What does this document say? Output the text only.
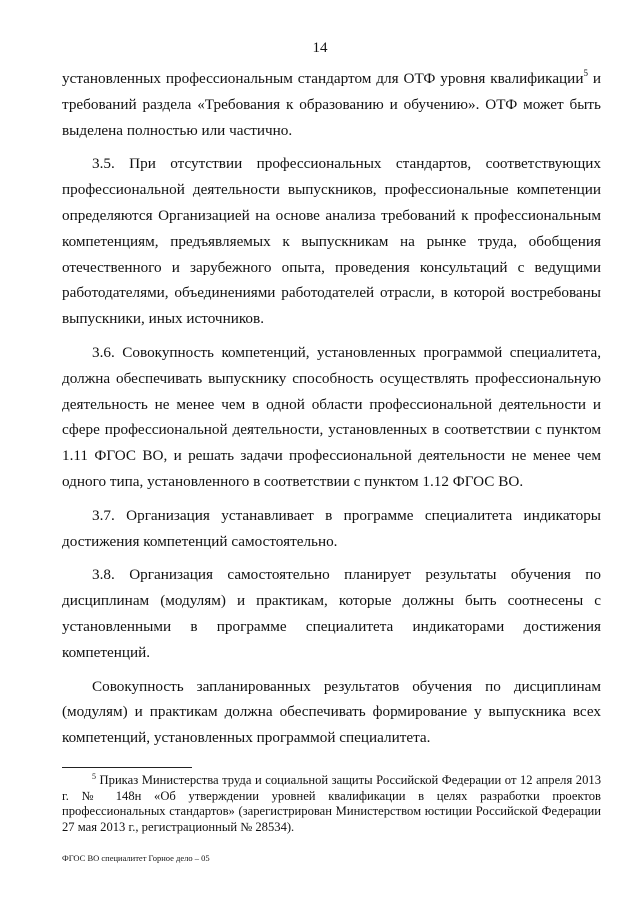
14

установленных профессиональным стандартом для ОТФ уровня квалификации$^5$ и требований раздела «Требования к образованию и обучению». ОТФ может быть выделена полностью или частично.

3.5. При отсутствии профессиональных стандартов, соответствующих профессиональной деятельности выпускников, профессиональные компетенции определяются Организацией на основе анализа требований к профессиональным компетенциям, предъявляемых к выпускникам на рынке труда, обобщения отечественного и зарубежного опыта, проведения консультаций с ведущими работодателями, объединениями работодателей отрасли, в которой востребованы выпускники, иных источников.

3.6. Совокупность компетенций, установленных программой специалитета, должна обеспечивать выпускнику способность осуществлять профессиональную деятельность не менее чем в одной области профессиональной деятельности и сфере профессиональной деятельности, установленных в соответствии с пунктом 1.11 ФГОС ВО, и решать задачи профессиональной деятельности не менее чем одного типа, установленного в соответствии с пунктом 1.12 ФГОС ВО.

3.7. Организация устанавливает в программе специалитета индикаторы достижения компетенций самостоятельно.

3.8. Организация самостоятельно планирует результаты обучения по дисциплинам (модулям) и практикам, которые должны быть соотнесены с установленными в программе специалитета индикаторами достижения компетенций.

Совокупность запланированных результатов обучения по дисциплинам (модулям) и практикам должна обеспечивать формирование у выпускника всех компетенций, установленных программой специалитета.

$^5$ Приказ Министерства труда и социальной защиты Российской Федерации от 12 апреля 2013 г. № 148н «Об утверждении уровней квалификации в целях разработки проектов профессиональных стандартов» (зарегистрирован Министерством юстиции Российской Федерации 27 мая 2013 г., регистрационный № 28534).

ФГОС ВО специалитет Горное дело – 05
